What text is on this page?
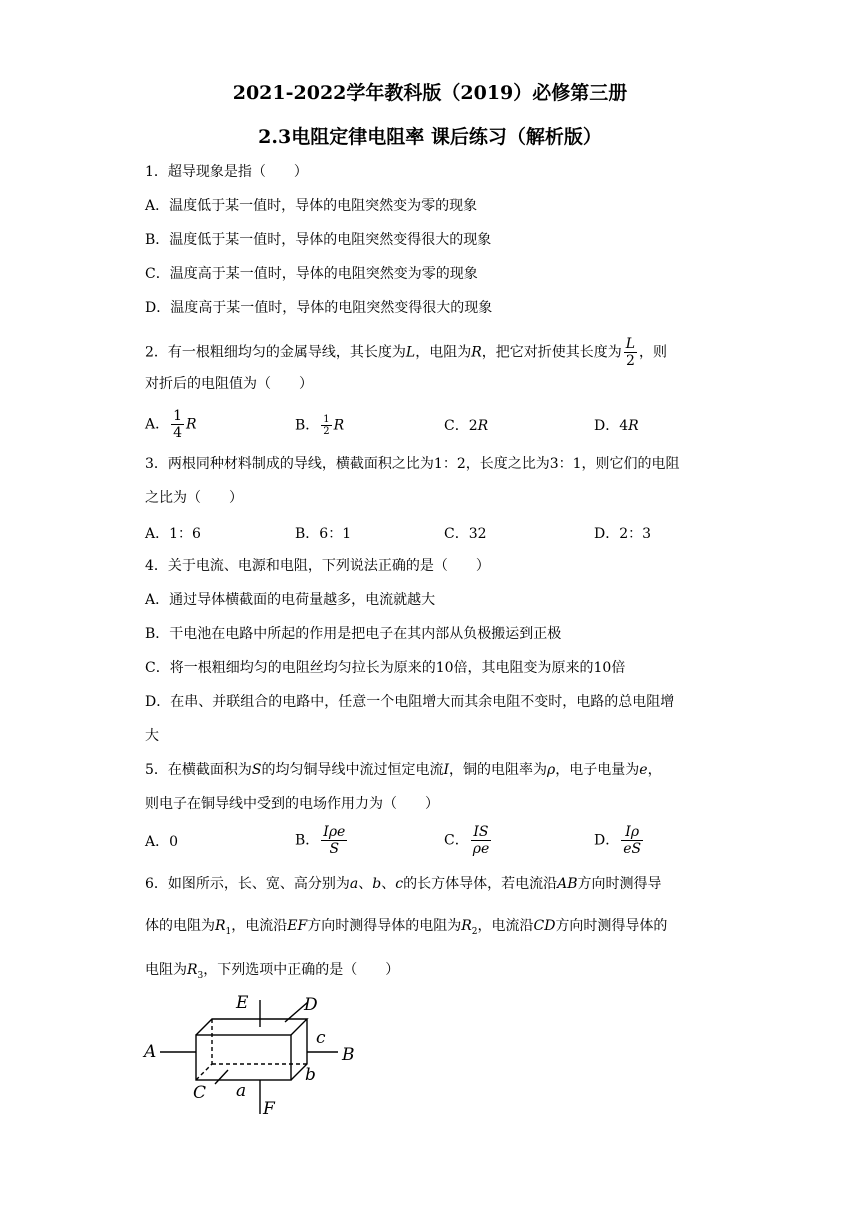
2021-2022学年教科版（2019）必修第三册
2.3电阻定律电阻率 课后练习（解析版）
1．超导现象是指（　　）
A．温度低于某一值时，导体的电阻突然变为零的现象
B．温度低于某一值时，导体的电阻突然变得很大的现象
C．温度高于某一值时，导体的电阻突然变为零的现象
D．温度高于某一值时，导体的电阻突然变得很大的现象
2．有一根粗细均匀的金属导线，其长度为L，电阻为R，把它对折使其长度为 $\frac{L}{2}$ ，则
对折后的电阻值为（　　）
A． $\frac{1}{4}$ R	B． $\frac{1}{2}$ R	C．2R	D．4R
3．两根同种材料制成的导线，横截面积之比为1：2，长度之比为3：1，则它们的电阻
之比为（　　）
A．1：6	B．6：1	C．32	D．2：3
4．关于电流、电源和电阻，下列说法正确的是（　　）
A．通过导体横截面的电荷量越多，电流就越大
B．干电池在电路中所起的作用是把电子在其内部从负极搬运到正极
C．将一根粗细均匀的电阻丝均匀拉长为原来的10倍，其电阻变为原来的10倍
D．在串、并联组合的电路中，任意一个电阻增大而其余电阻不变时，电路的总电阻增
大
5．在横截面积为S的均匀铜导线中流过恒定电流I，铜的电阻率为ρ，电子电量为e，
则电子在铜导线中受到的电场作用力为（　　）
A．0	B． $\frac{\text{Iρe}}{S}$	C． $\frac{IS}{\rho e}$	D． $\frac{I\rho}{eS}$
6．如图所示，长、宽、高分别为a、b、c的长方体导体，若电流沿AB方向时测得导
体的电阻为$R_1$，电流沿EF方向时测得导体的电阻为$R_2$，电流沿CD方向时测得导体的
电阻为$R_3$，下列选项中正确的是（　　）
E	D
A	B
c
b
C a
F
